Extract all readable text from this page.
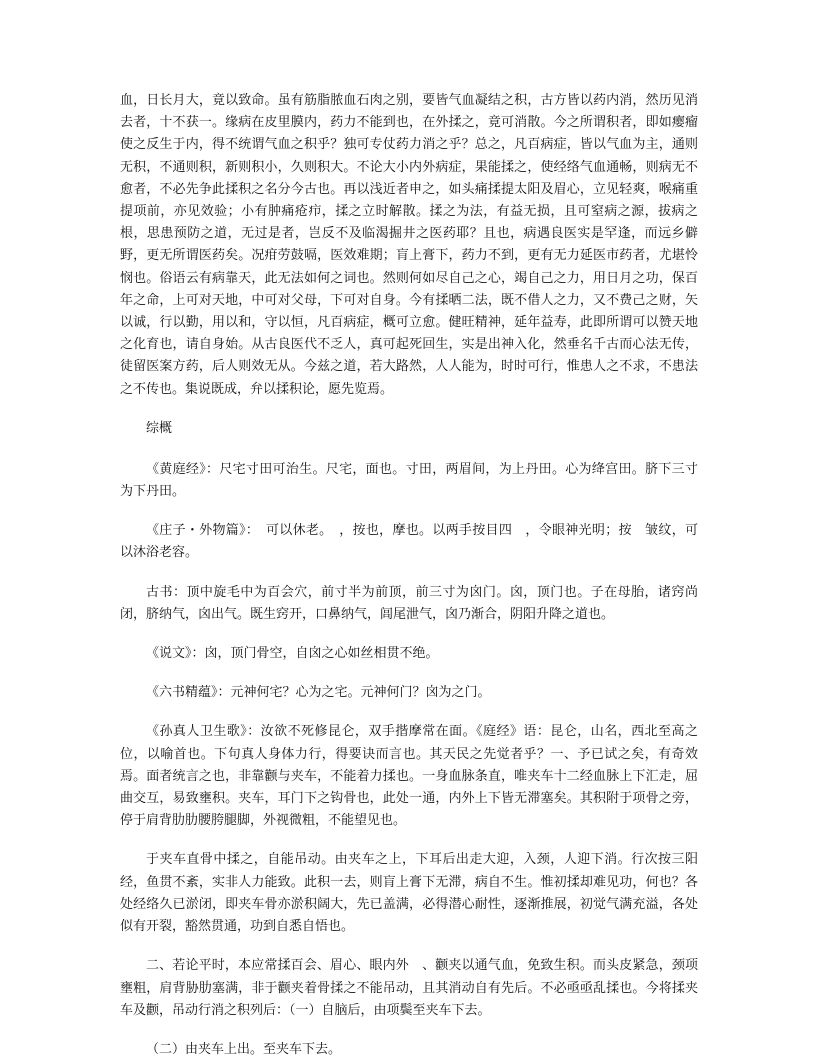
血，日长月大，竟以致命。虽有筋脂脓血石肉之别，要皆气血凝结之积，古方皆以药内消，然历见消去者，十不获一。缘病在皮里膜内，药力不能到也，在外揉之，竟可消散。今之所谓积者，即如瘿瘤使之反生于内，得不统谓气血之积乎？独可专仗药力消之乎？总之，凡百病症，皆以气血为主，通则无积，不通则积，新则积小，久则积大。不论大小内外病症，果能揉之，使经络气血通畅，则病无不愈者，不必先争此揉积之名分今古也。再以浅近者申之，如头痛揉提太阳及眉心，立见轻爽，喉痛重提项前，亦见效验；小有肿痛疮疖，揉之立时解散。揉之为法，有益无损，且可窒病之源，拔病之根，思患预防之道，无过是者，岂反不及临渴掘井之医药耶？且也，病遇良医实是罕逢，而远乡僻野，更无所谓医药矣。况疳劳鼓嗝，医效难期；肓上膏下，药力不到，更有无力延医市药者，尤堪怜悯也。俗语云有病靠天，此无法如何之词也。然则何如尽自己之心，竭自己之力，用日月之功，保百年之命，上可对天地，中可对父母，下可对自身。今有揉晒二法，既不借人之力，又不费己之财，矢以诚，行以勤，用以和，守以恒，凡百病症，概可立愈。健旺精神，延年益寿，此即所谓可以赞天地之化育也，请自身始。从古良医代不乏人，真可起死回生，实是出神入化，然垂名千古而心法无传，徒留医案方药，后人则效无从。今兹之道，若大路然，人人能为，时时可行，惟患人之不求，不患法之不传也。集说既成，弁以揉积论，愿先览焉。

综概

《黄庭经》：尺宅寸田可治生。尺宅，面也。寸田，两眉间，为上丹田。心为绛宫田。脐下三寸为下丹田。

《庄子・外物篇》：　可以休老。　，按也，摩也。以两手按目四　，令眼神光明；按　皱纹，可以沐浴老容。

古书：顶中旋毛中为百会穴，前寸半为前顶，前三寸为囟门。囟，顶门也。子在母胎，诸窍尚闭，脐纳气，囟出气。既生窍开，口鼻纳气，闾尾泄气，囟乃渐合，阴阳升降之道也。

《说文》：囟，顶门骨空，自囟之心如丝相贯不绝。

《六书精蕴》：元神何宅？心为之宅。元神何门？囟为之门。

《孙真人卫生歌》：汝欲不死修昆仑，双手揩摩常在面。《庭经》语：昆仑，山名，西北至高之位，以喻首也。下句真人身体力行，得要诀而言也。其天民之先觉者乎？一、予已试之矣，有奇效焉。面者统言之也，非靠颧与夹车，不能着力揉也。一身血脉条直，唯夹车十二经血脉上下汇走，屈曲交互，易致壅积。夹车，耳门下之钩骨也，此处一通，内外上下皆无滞塞矣。其积附于项骨之旁，停于肩背肋肋腰胯腿脚，外视微粗，不能望见也。

于夹车直骨中揉之，自能吊动。由夹车之上，下耳后出走大迎，入颈，人迎下消。行次按三阳经，鱼贯不紊，实非人力能致。此积一去，则肓上膏下无滞，病自不生。惟初揉却难见功，何也？各处经络久已淤闭，即夹车骨亦淤积阔大，先已盖满，必得潜心耐性，逐渐推展，初觉气满充溢，各处似有开裂，豁然贯通，功到自悉自悟也。

二、若论平时，本应常揉百会、眉心、眼内外　、颧夹以通气血，免致生积。而头皮紧急，颈项壅粗，肩背胁肋塞满，非于颧夹着骨揉之不能吊动，且其消动自有先后。不必亟亟乱揉也。今将揉夹车及颧，吊动行消之积列后：（一）自脑后，由项鬓至夹车下去。

（二）由夹车上出。至夹车下去。
